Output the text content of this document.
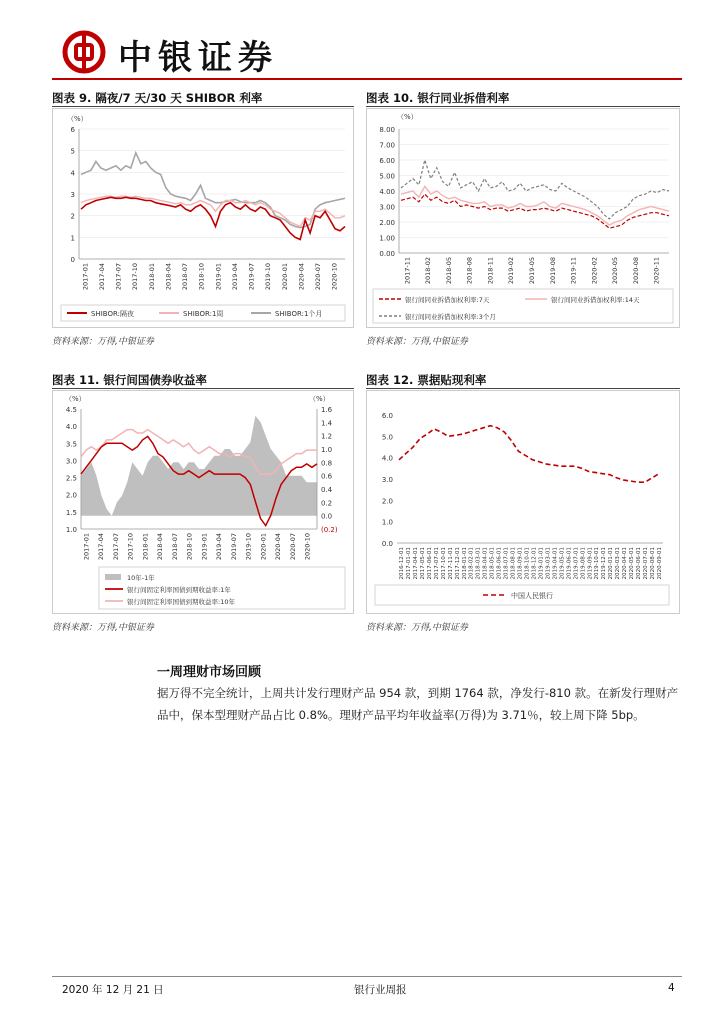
中银证券
图表 9. 隔夜/7 天/30 天 SHIBOR 利率
（%）
0
1
2
3
4
5
6
2017-01 2017-04 2017-07 2017-10 2018-01 2018-04 2018-07 2018-10 2019-01 2019-04 2019-07 2019-10 2020-01 2020-04 2020-07 2020-10
SHIBOR:隔夜	SHIBOR:1周	SHIBOR:1个月
资料来源：万得,中银证券
图表 10. 银行同业拆借利率
（%）
0.00
1.00
2.00
3.00
4.00
5.00
6.00
7.00
8.00
2017-11 2018-02 2018-05 2018-08 2018-11 2019-02 2019-05 2019-08 2019-11 2020-02 2020-05 2020-08 2020-11
银行间同业拆借加权利率:7天	银行间同业拆借加权利率:14天
银行间同业拆借加权利率:3个月
资料来源：万得,中银证券
图表 11. 银行间国债券收益率
（%）	（%）
1.0
1.5
2.0
2.5
3.0
3.5
4.0
4.5
(0.2)
0.0
0.2
0.4
0.6
0.8
1.0
1.2
1.4
1.6
2017-01 2017-04 2017-07 2017-10 2018-01 2018-04 2018-07 2018-10 2019-01 2019-04 2019-07 2019-10 2020-01 2020-04 2020-07 2020-10
10年-1年
银行间固定利率国债到期收益率:1年
银行间固定利率国债到期收益率:10年
资料来源：万得,中银证券
图表 12. 票据贴现利率
0.0
1.0
2.0
3.0
4.0
5.0
6.0
2016-12-01 2017-01-01 2017-04-01 2017-05-01 2017-06-01 2017-07-01 2017-10-01 2017-11-01 2017-12-01 2018-01-01 2018-02-01 2018-03-01 2018-04-01 2018-05-01 2018-06-01 2018-07-01 2018-08-01 2018-09-01 2018-10-01 2018-12-01 2019-01-01 2019-03-01 2019-04-01 2019-05-01 2019-06-01 2019-07-01 2019-08-01 2019-09-01 2019-10-01 2019-12-01 2020-01-01 2020-03-01 2020-04-01 2020-05-01 2020-06-01 2020-07-01 2020-08-01 2020-09-01
中国人民银行
资料来源：万得,中银证券
一周理财市场回顾
据万得不完全统计，上周共计发行理财产品 954 款，到期 1764 款，净发行-810 款。在新发行理财产品中，保本型理财产品占比 0.8%。理财产品平均年收益率(万得)为 3.71％，较上周下降 5bp。
2020 年 12 月 21 日	银行业周报	4
